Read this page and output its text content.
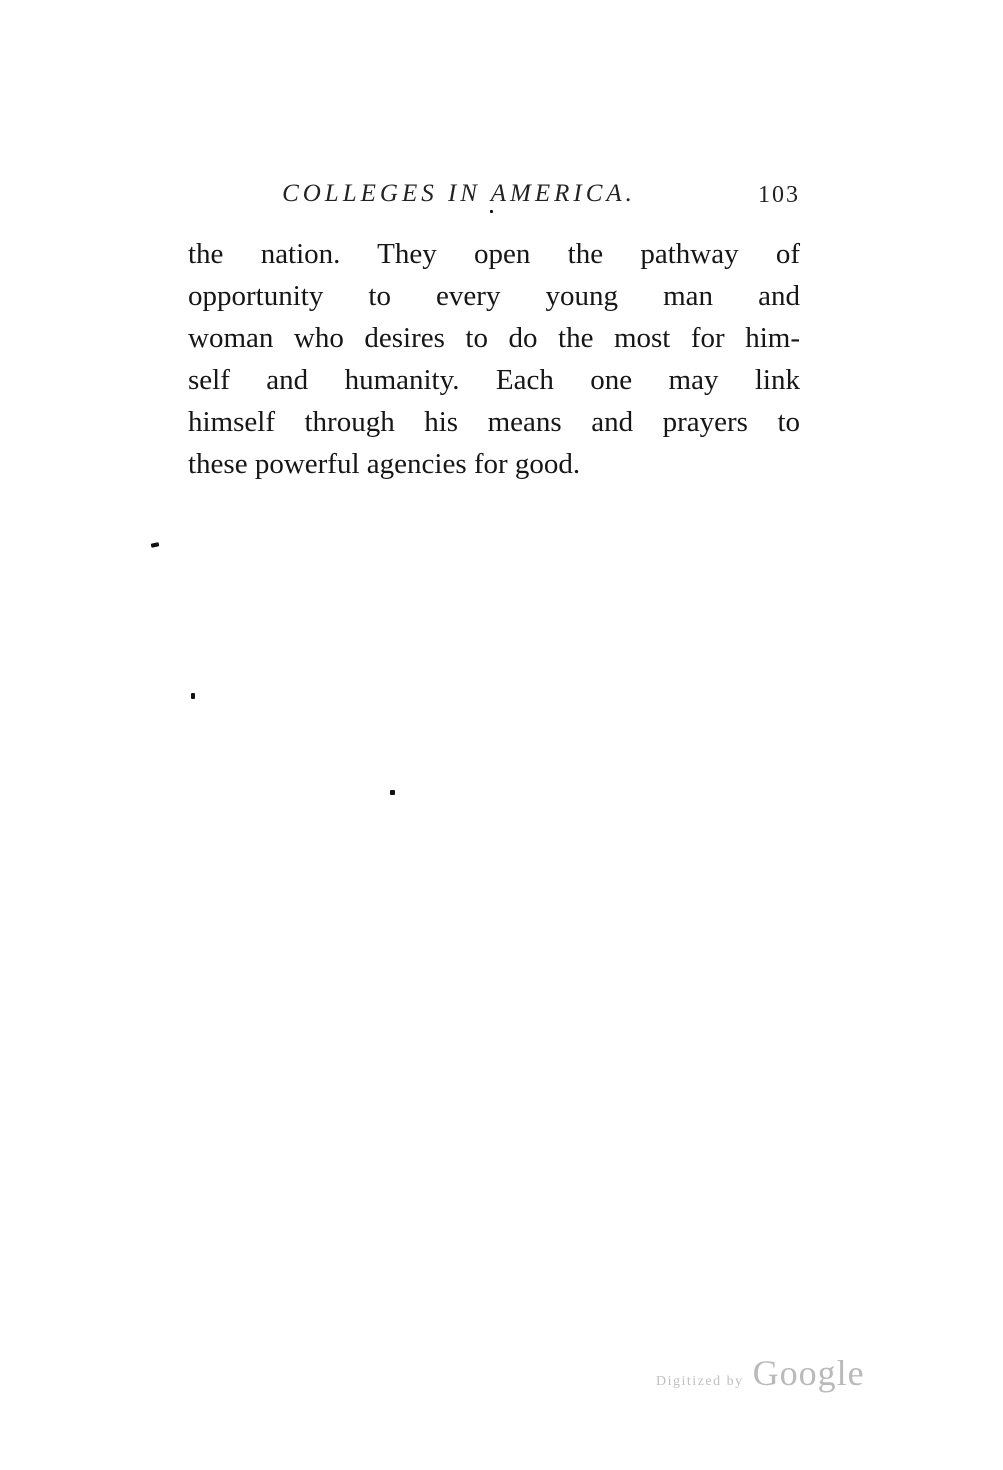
COLLEGES IN AMERICA.	103
the nation. They open the pathway of
opportunity to every young man and
woman who desires to do the most for him-
self and humanity. Each one may link
himself through his means and prayers to
these powerful agencies for good.
Digitized by Google
